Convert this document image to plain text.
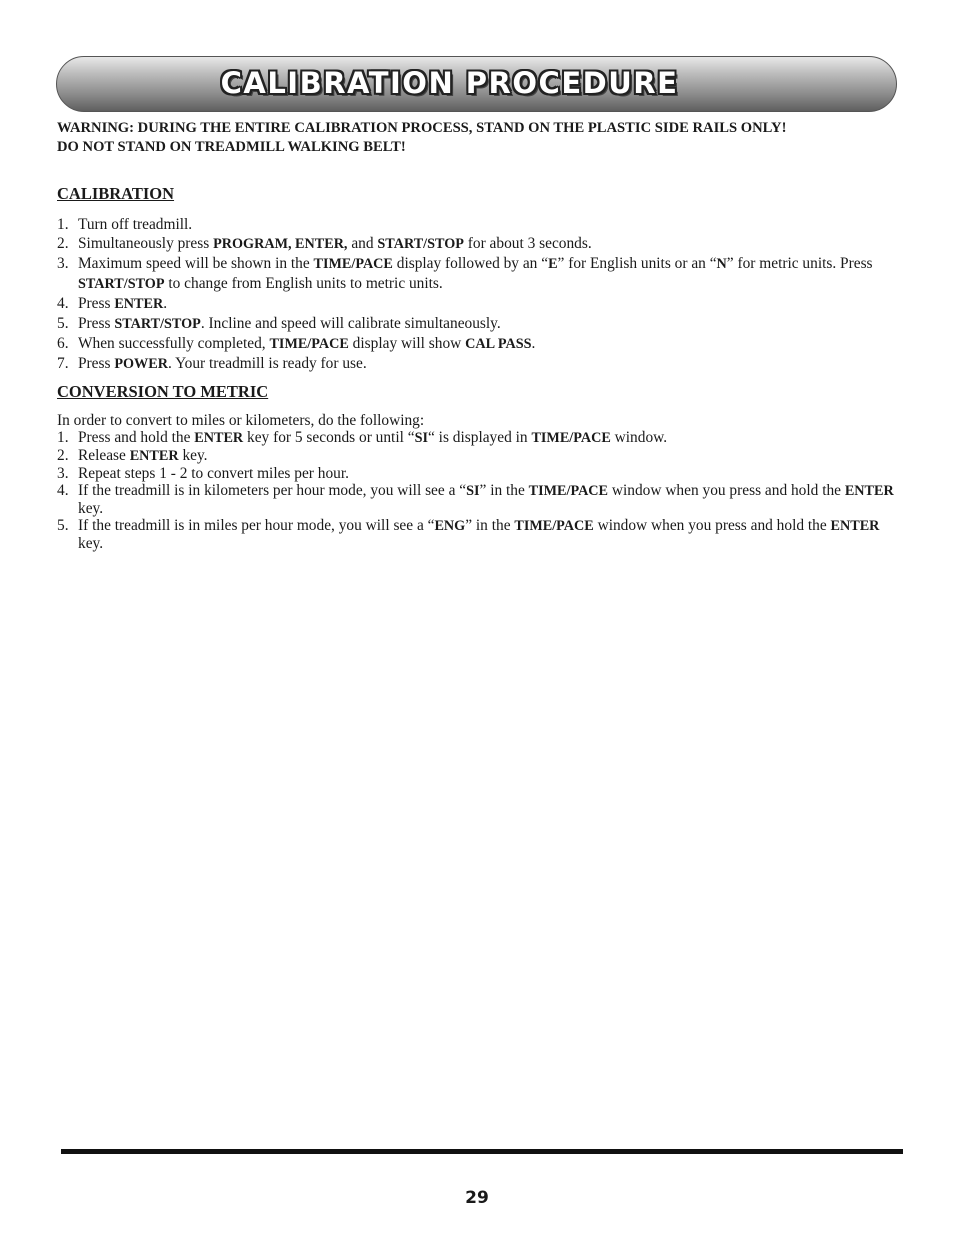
CALIBRATION PROCEDURE
WARNING: DURING THE ENTIRE CALIBRATION PROCESS, STAND ON THE PLASTIC SIDE RAILS ONLY!
DO NOT STAND ON TREADMILL WALKING BELT!
CALIBRATION
1. Turn off treadmill.
2. Simultaneously press PROGRAM, ENTER, and START/STOP for about 3 seconds.
3. Maximum speed will be shown in the TIME/PACE display followed by an “E” for English units or an “N” for metric units. Press START/STOP to change from English units to metric units.
4. Press ENTER.
5. Press START/STOP. Incline and speed will calibrate simultaneously.
6. When successfully completed, TIME/PACE display will show CAL PASS.
7. Press POWER. Your treadmill is ready for use.
CONVERSION TO METRIC
In order to convert to miles or kilometers, do the following:
1. Press and hold the ENTER key for 5 seconds or until “SI“ is displayed in TIME/PACE window.
2. Release ENTER key.
3. Repeat steps 1 - 2 to convert miles per hour.
4. If the treadmill is in kilometers per hour mode, you will see a “SI” in the TIME/PACE window when you press and hold the ENTER key.
5. If the treadmill is in miles per hour mode, you will see a “ENG” in the TIME/PACE window when you press and hold the ENTER key.
29
